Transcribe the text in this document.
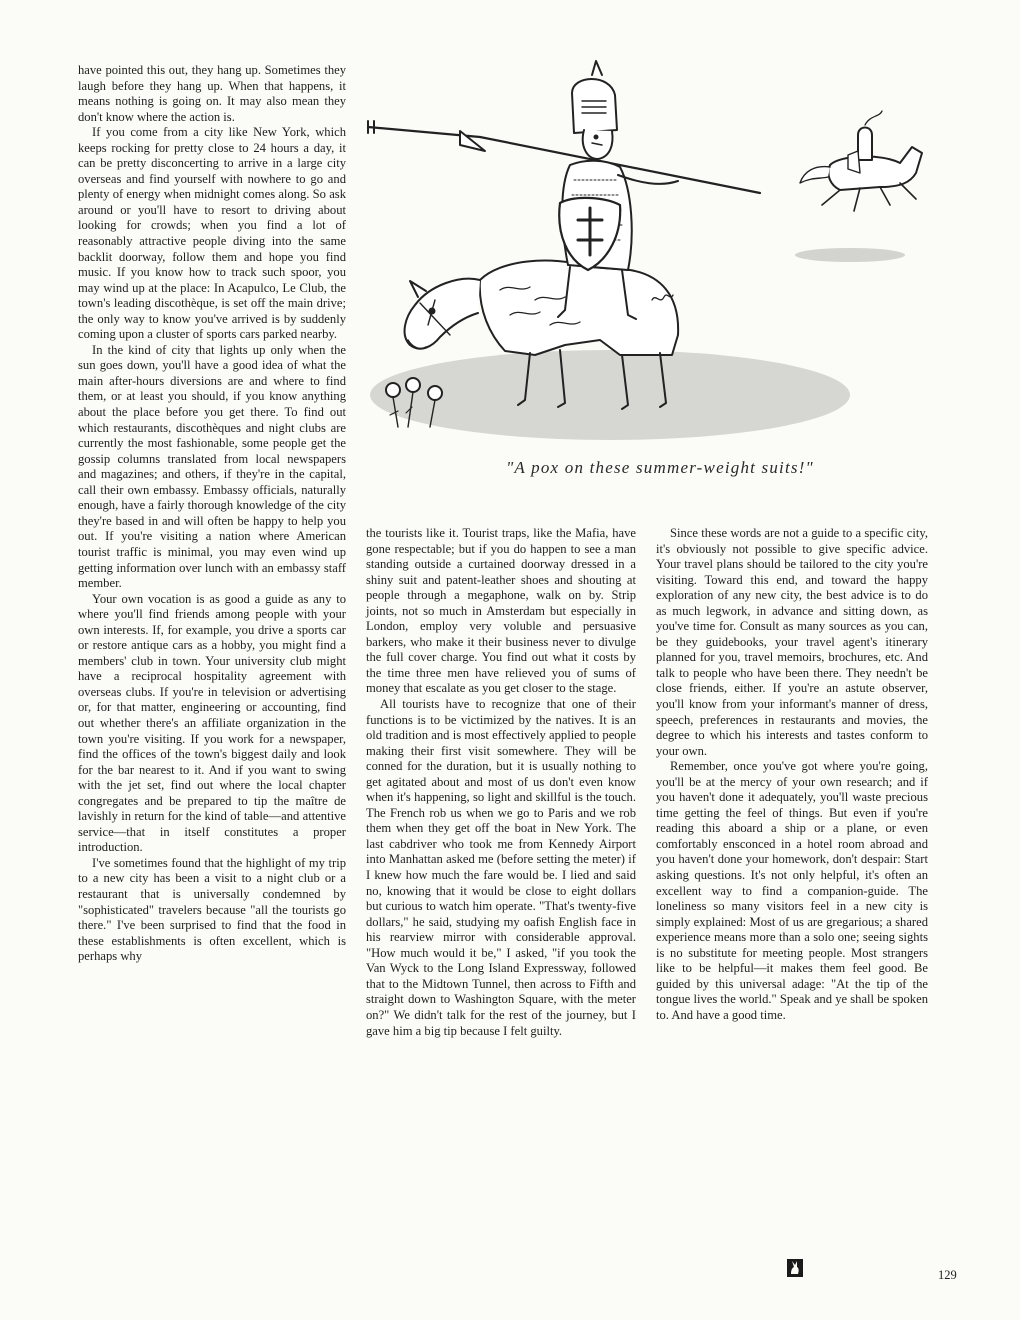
have pointed this out, they hang up. Sometimes they laugh before they hang up. When that happens, it means nothing is going on. It may also mean they don't know where the action is.

If you come from a city like New York, which keeps rocking for pretty close to 24 hours a day, it can be pretty disconcerting to arrive in a large city overseas and find yourself with nowhere to go and plenty of energy when midnight comes along. So ask around or you'll have to resort to driving about looking for crowds; when you find a lot of reasonably attractive people diving into the same backlit doorway, follow them and hope you find music. If you know how to track such spoor, you may wind up at the place: In Acapulco, Le Club, the town's leading discothèque, is set off the main drive; the only way to know you've arrived is by suddenly coming upon a cluster of sports cars parked nearby.

In the kind of city that lights up only when the sun goes down, you'll have a good idea of what the main after-hours diversions are and where to find them, or at least you should, if you know anything about the place before you get there. To find out which restaurants, discothèques and night clubs are currently the most fashionable, some people get the gossip columns translated from local newspapers and magazines; and others, if they're in the capital, call their own embassy. Embassy officials, naturally enough, have a fairly thorough knowledge of the city they're based in and will often be happy to help you out. If you're visiting a nation where American tourist traffic is minimal, you may even wind up getting information over lunch with an embassy staff member.

Your own vocation is as good a guide as any to where you'll find friends among people with your own interests. If, for example, you drive a sports car or restore antique cars as a hobby, you might find a members' club in town. Your university club might have a reciprocal hospitality agreement with overseas clubs. If you're in television or advertising or, for that matter, engineering or accounting, find out whether there's an affiliate organization in the town you're visiting. If you work for a newspaper, find the offices of the town's biggest daily and look for the bar nearest to it. And if you want to swing with the jet set, find out where the local chapter congregates and be prepared to tip the maître de lavishly in return for the kind of table—and attentive service—that in itself constitutes a proper introduction.

I've sometimes found that the highlight of my trip to a new city has been a visit to a night club or a restaurant that is universally condemned by "sophisticated" travelers because "all the tourists go there." I've been surprised to find that the food in these establishments is often excellent, which is perhaps why

"A pox on these summer-weight suits!"

the tourists like it. Tourist traps, like the Mafia, have gone respectable; but if you do happen to see a man standing outside a curtained doorway dressed in a shiny suit and patent-leather shoes and shouting at people through a megaphone, walk on by. Strip joints, not so much in Amsterdam but especially in London, employ very voluble and persuasive barkers, who make it their business never to divulge the full cover charge. You find out what it costs by the time three men have relieved you of sums of money that escalate as you get closer to the stage.

All tourists have to recognize that one of their functions is to be victimized by the natives. It is an old tradition and is most effectively applied to people making their first visit somewhere. They will be conned for the duration, but it is usually nothing to get agitated about and most of us don't even know when it's happening, so light and skillful is the touch. The French rob us when we go to Paris and we rob them when they get off the boat in New York. The last cabdriver who took me from Kennedy Airport into Manhattan asked me (before setting the meter) if I knew how much the fare would be. I lied and said no, knowing that it would be close to eight dollars but curious to watch him operate. "That's twenty-five dollars," he said, studying my oafish English face in his rearview mirror with considerable approval. "How much would it be," I asked, "if you took the Van Wyck to the Long Island Expressway, followed that to the Midtown Tunnel, then across to Fifth and straight down to Washington Square, with the meter on?" We didn't talk for the rest of the journey, but I gave him a big tip because I felt guilty.

Since these words are not a guide to a specific city, it's obviously not possible to give specific advice. Your travel plans should be tailored to the city you're visiting. Toward this end, and toward the happy exploration of any new city, the best advice is to do as much legwork, in advance and sitting down, as you've time for. Consult as many sources as you can, be they guidebooks, your travel agent's itinerary planned for you, travel memoirs, brochures, etc. And talk to people who have been there. They needn't be close friends, either. If you're an astute observer, you'll know from your informant's manner of dress, speech, preferences in restaurants and movies, the degree to which his interests and tastes conform to your own.

Remember, once you've got where you're going, you'll be at the mercy of your own research; and if you haven't done it adequately, you'll waste precious time getting the feel of things. But even if you're reading this aboard a ship or a plane, or even comfortably ensconced in a hotel room abroad and you haven't done your homework, don't despair: Start asking questions. It's not only helpful, it's often an excellent way to find a companion-guide. The loneliness so many visitors feel in a new city is simply explained: Most of us are gregarious; a shared experience means more than a solo one; seeing sights is no substitute for meeting people. Most strangers like to be helpful—it makes them feel good. Be guided by this universal adage: "At the tip of the tongue lives the world." Speak and ye shall be spoken to. And have a good time.

129
